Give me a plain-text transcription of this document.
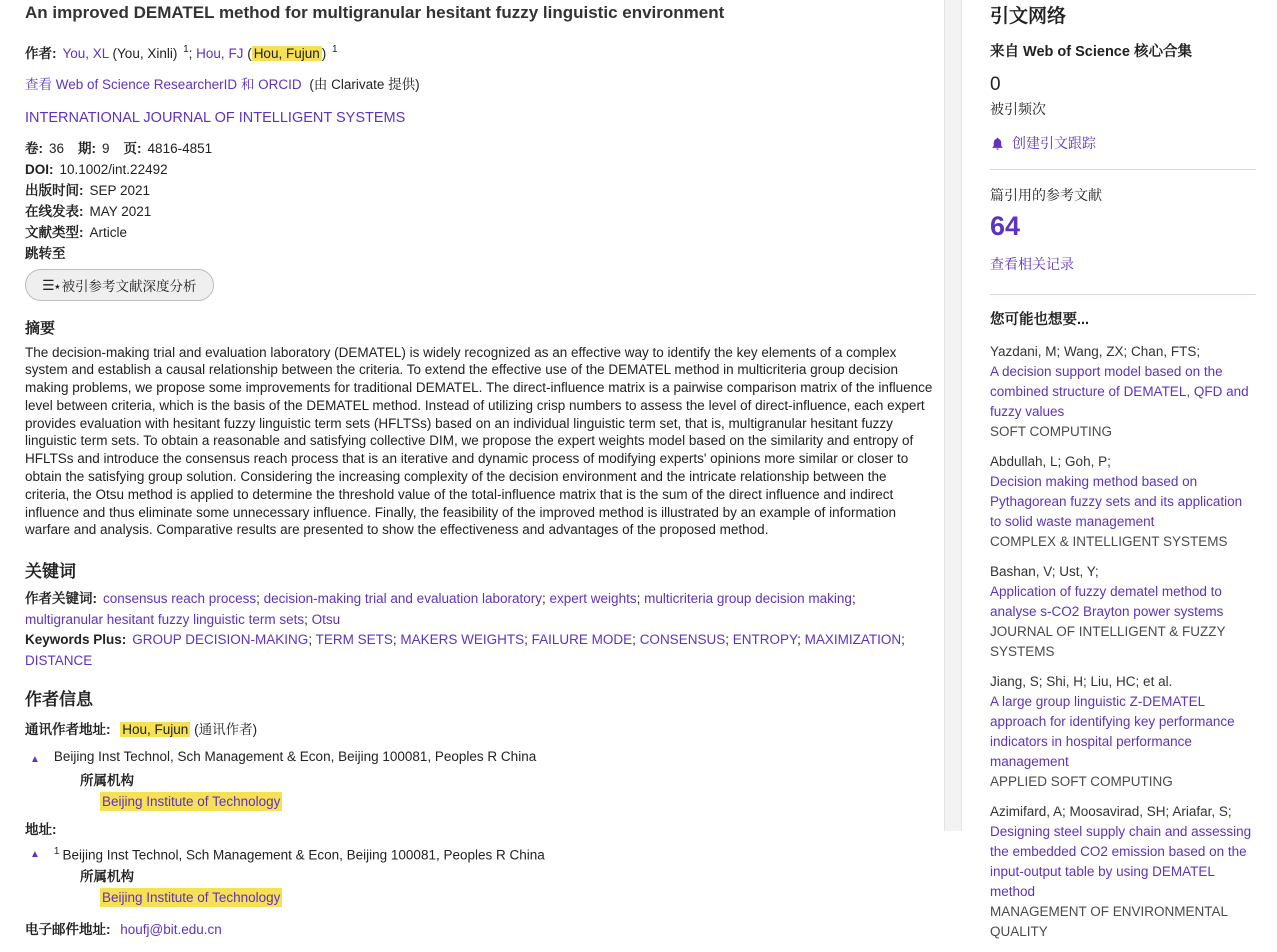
An improved DEMATEL method for multigranular hesitant fuzzy linguistic environment

作者: You, XL (You, Xinli) $^1$; Hou, FJ ( Hou, Fujun ) $^1$

查看 Web of Science ResearcherID 和 ORCID (由 Clarivate 提供)

INTERNATIONAL JOURNAL OF INTELLIGENT SYSTEMS
卷: 36 期: 9 页: 4816-4851
DOI: 10.1002/int.22492
出版时间: SEP 2021
在线发表: MAY 2021
文献类型: Article
跳转至
☰ ★ 被引参考文献深度分析
摘要

The decision-making trial and evaluation laboratory (DEMATEL) is widely recognized as an effective way to identify the key elements of a complex system and establish a causal relationship between the criteria. To extend the effective use of the DEMATEL method in multicriteria group decision making problems, we propose some improvements for traditional DEMATEL. The direct-influence matrix is a pairwise comparison matrix of the influence level between criteria, which is the basis of the DEMATEL method. Instead of utilizing crisp numbers to assess the level of direct-influence, each expert provides evaluation with hesitant fuzzy linguistic term sets (HFLTSs) based on an individual linguistic term set, that is, multigranular hesitant fuzzy linguistic term sets. To obtain a reasonable and satisfying collective DIM, we propose the expert weights model based on the similarity and entropy of HFLTSs and introduce the consensus reach process that is an iterative and dynamic process of modifying experts' opinions more similar or closer to obtain the satisfying group solution. Considering the increasing complexity of the decision environment and the intricate relationship between the criteria, the Otsu method is applied to determine the threshold value of the total-influence matrix that is the sum of the direct influence and indirect influence and thus eliminate some unnecessary influence. Finally, the feasibility of the improved method is illustrated by an example of information warfare and analysis. Comparative results are presented to show the effectiveness and advantages of the proposed method.

关键词

作者关键词: consensus reach process; decision-making trial and evaluation laboratory; expert weights; multicriteria group decision making; multigranular hesitant fuzzy linguistic term sets; Otsu

Keywords Plus: GROUP DECISION-MAKING; TERM SETS; MAKERS WEIGHTS; FAILURE MODE; CONSENSUS; ENTROPY; MAXIMIZATION; DISTANCE

作者信息

通讯作者地址: Hou, Fujun (通讯作者)

▲ Beijing Inst Technol, Sch Management & Econ, Beijing 100081, Peoples R China
所属机构
Beijing Institute of Technology

地址:

▲ $^1$ Beijing Inst Technol, Sch Management & Econ, Beijing 100081, Peoples R China
所属机构
Beijing Institute of Technology

电子邮件地址: houfj@bit.edu.cn

引文网络
来自 Web of Science 核心合集
0
被引频次
创建引文跟踪
篇引用的参考文献
64
查看相关记录
您可能也想要...
Yazdani, M; Wang, ZX; Chan, FTS;
A decision support model based on the combined structure of DEMATEL, QFD and fuzzy values
SOFT COMPUTING
Abdullah, L; Goh, P;
Decision making method based on Pythagorean fuzzy sets and its application to solid waste management
COMPLEX & INTELLIGENT SYSTEMS
Bashan, V; Ust, Y;
Application of fuzzy dematel method to analyse s-CO2 Brayton power systems
JOURNAL OF INTELLIGENT & FUZZY SYSTEMS
Jiang, S; Shi, H; Liu, HC; et al.
A large group linguistic Z-DEMATEL approach for identifying key performance indicators in hospital performance management
APPLIED SOFT COMPUTING
Azimifard, A; Moosavirad, SH; Ariafar, S;
Designing steel supply chain and assessing the embedded CO2 emission based on the input-output table by using DEMATEL method
MANAGEMENT OF ENVIRONMENTAL QUALITY
